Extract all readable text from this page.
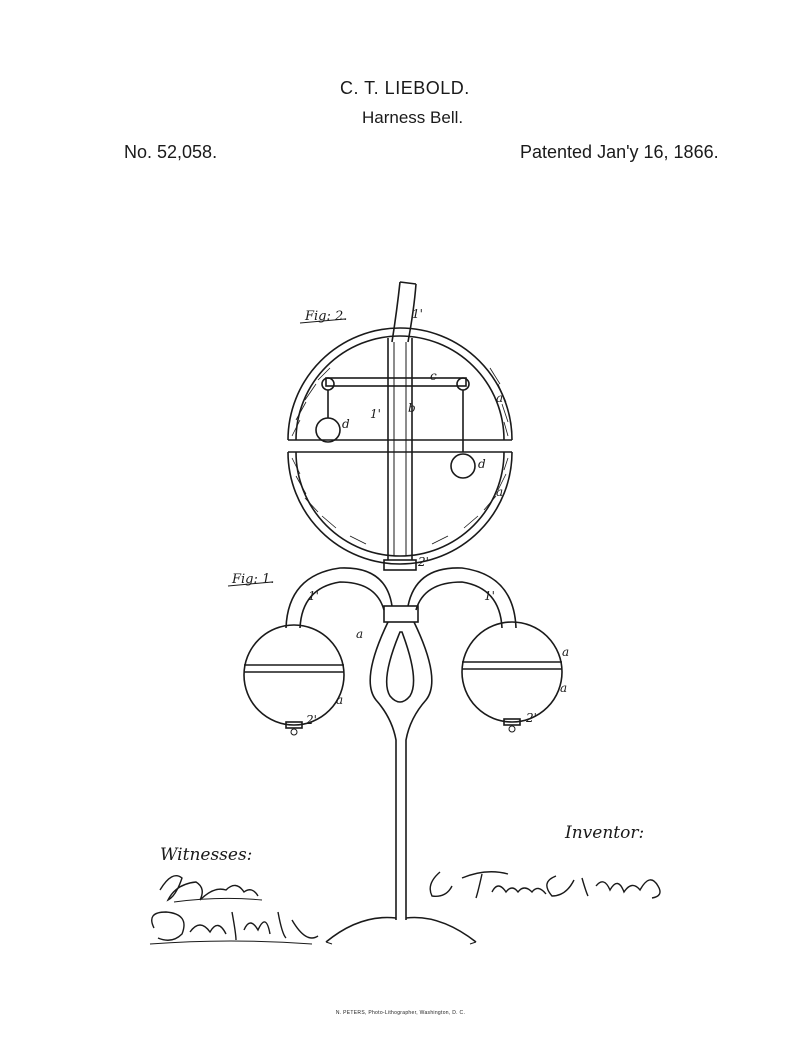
C. T. LIEBOLD.
Harness Bell.
No. 52,058.	Patented Jan'y 16, 1866.
Fig: 2.	1'
c
a
a
b
1'
d
d
2'
Fig: 1.
1'	1'
a
a
a
a
2'	2'
Witnesses:
Inventor:
N. PETERS, Photo-Lithographer, Washington, D. C.
